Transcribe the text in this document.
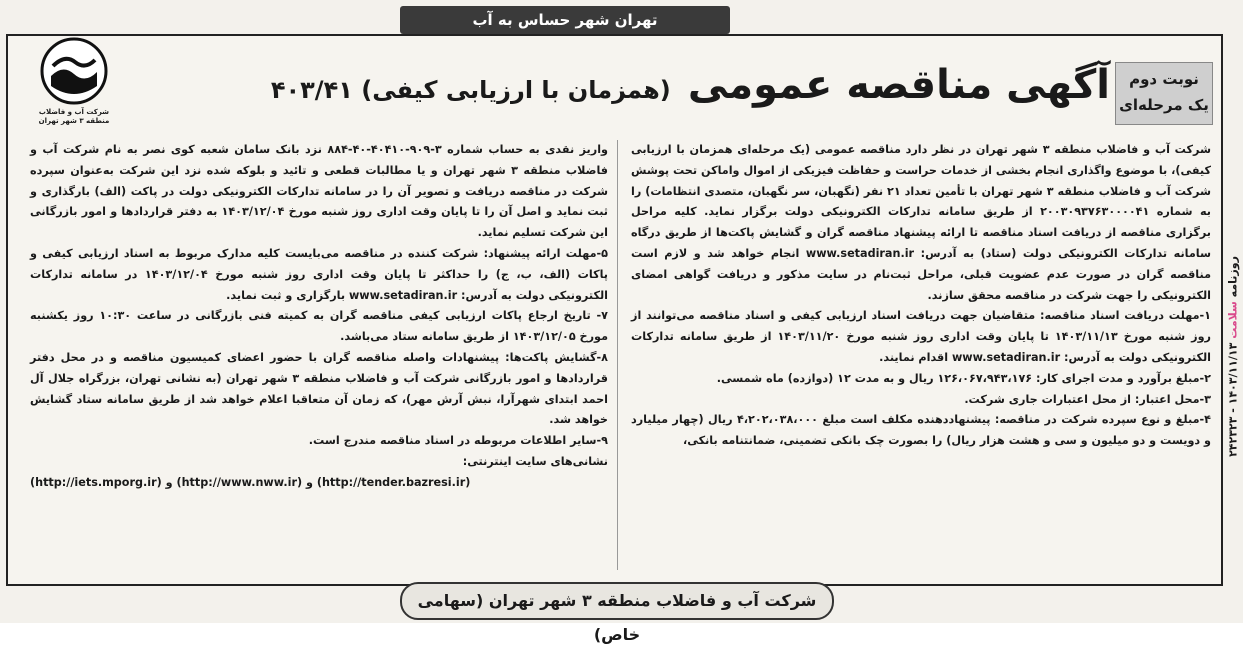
تهران شهر حساس به آب
شرکت آب و فاضلاب
منطقه ۳ شهر تهران
آگهی مناقصه عمومی (همزمان با ارزیابی کیفی) ۴۰۳/۴۱	نوبت دوم
یک مرحله‌ای

شرکت آب و فاضلاب منطقه ۳ شهر تهران در نظر دارد مناقصه عمومی (یک مرحله‌ای همزمان با ارزیابی کیفی)، با موضوع واگذاری انجام بخشی از خدمات حراست و حفاظت فیزیکی از اموال واماکن تحت پوشش شرکت آب و فاضلاب منطقه ۳ شهر تهران با تأمین تعداد ۲۱ نفر (نگهبان، سر نگهبان، متصدی انتظامات) را به شماره ۲۰۰۳۰۹۳۷۶۳۰۰۰۰۴۱ از طریق سامانه تدارکات الکترونیکی دولت برگزار نماید. کلیه مراحل برگزاری مناقصه از دریافت اسناد مناقصه تا ارائه پیشنهاد مناقصه گران و گشایش پاکت‌ها از طریق درگاه سامانه تدارکات الکترونیکی دولت (ستاد) به آدرس: www.setadiran.ir انجام خواهد شد و لازم است مناقصه گران در صورت عدم عضویت قبلی، مراحل ثبت‌نام در سایت مذکور و دریافت گواهی امضای الکترونیکی را جهت شرکت در مناقصه محقق سازند.

۱-مهلت دریافت اسناد مناقصه: متقاضیان جهت دریافت اسناد ارزیابی کیفی و اسناد مناقصه می‌توانند از روز شنبه مورخ ۱۴۰۳/۱۱/۱۳ تا پایان وقت اداری روز شنبه مورخ ۱۴۰۳/۱۱/۲۰ از طریق سامانه تدارکات الکترونیکی دولت به آدرس: www.setadiran.ir اقدام نمایند.

۲-مبلغ برآورد و مدت اجرای کار: ۱۲۶،۰۶۷،۹۴۳،۱۷۶ ریال و به مدت ۱۲ (دوازده) ماه شمسی.

۳-محل اعتبار: از محل اعتبارات جاری شرکت.

۴-مبلغ و نوع سپرده شرکت در مناقصه: پیشنهاددهنده مکلف است مبلغ ۴،۲۰۲،۰۳۸،۰۰۰ ریال (چهار میلیارد و دویست و دو میلیون و سی و هشت هزار ریال) را بصورت چک بانکی تضمینی، ضمانتنامه بانکی،

واریز نقدی به حساب شماره ۳-۹۰۹-۴۰۴۱۰-۴۰-۸۸۴ نزد بانک سامان شعبه کوی نصر به نام شرکت آب و فاضلاب منطقه ۳ شهر تهران و یا مطالبات قطعی و تائید و بلوکه شده نزد این شرکت به‌عنوان سپرده شرکت در مناقصه دریافت و تصویر آن را در سامانه تدارکات الکترونیکی دولت در پاکت (الف) بارگذاری و ثبت نماید و اصل آن را تا پایان وقت اداری روز شنبه مورخ ۱۴۰۳/۱۲/۰۴ به دفتر قراردادها و امور بازرگانی این شرکت تسلیم نماید.

۵-مهلت ارائه پیشنهاد: شرکت کننده در مناقصه می‌بایست کلیه مدارک مربوط به اسناد ارزیابی کیفی و پاکات (الف، ب، ج) را حداکثر تا پایان وقت اداری روز شنبه مورخ ۱۴۰۳/۱۲/۰۴ در سامانه تدارکات الکترونیکی دولت به آدرس: www.setadiran.ir بارگزاری و ثبت نماید.

۷- تاریخ ارجاع پاکات ارزیابی کیفی مناقصه گران به کمیته فنی بازرگانی در ساعت ۱۰:۳۰ روز یکشنبه مورخ ۱۴۰۳/۱۲/۰۵ از طریق سامانه ستاد می‌باشد.

۸-گشایش پاکت‌ها: پیشنهادات واصله مناقصه گران با حضور اعضای کمیسیون مناقصه و در محل دفتر قراردادها و امور بازرگانی شرکت آب و فاضلاب منطقه ۳ شهر تهران (به نشانی تهران، بزرگراه جلال آل احمد ابتدای شهرآرا، نبش آرش مهر)، که زمان آن متعاقبا اعلام خواهد شد از طریق سامانه ستاد گشایش خواهد شد.

۹-سایر اطلاعات مربوطه در اسناد مناقصه مندرج است.

نشانی‌های سایت اینترنتی:

(http://iets.mporg.ir) و (http://www.nww.ir) و (http://tender.bazresi.ir)

شرکت آب و فاضلاب منطقه ۳ شهر تهران (سهامی خاص)
روزنامه سلامت ۱۴۰۳/۱۱/۱۳ - ۲۴۲۳۲۳
